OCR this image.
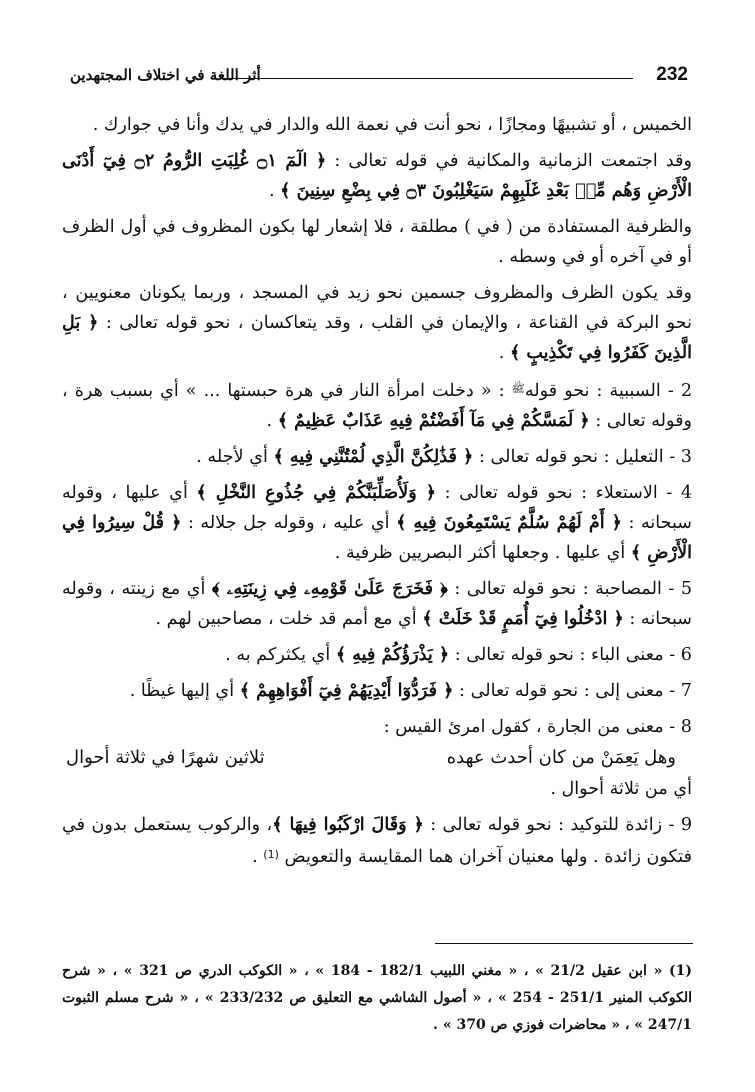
232
أثر اللغة في اختلاف المجتهدين

الخميس ، أو تشبيهًا ومجازًا ، نحو أنت في نعمة الله والدار في يدك وأنا في جوارك .

وقد اجتمعت الزمانية والمكانية في قوله تعالى : ﴿ الٓمٓ ۝١ غُلِبَتِ الرُّومُ ۝٢ فِيٓ أَدْنَى الْأَرْضِ وَهُم مِّنۢ بَعْدِ غَلَبِهِمْ سَيَغْلِبُونَ ۝٣ فِي بِضْعِ سِنِينَ ﴾ .

والظرفية المستفادة من ( في ) مطلقة ، فلا إشعار لها بكون المظروف في أول الظرف أو في آخره أو في وسطه .

وقد يكون الظرف والمظروف جسمين نحو زيد في المسجد ، وربما يكونان معنويين ، نحو البركة في القناعة ، والإيمان في القلب ، وقد يتعاكسان ، نحو قوله تعالى : ﴿ بَلِ الَّذِينَ كَفَرُوا فِي تَكْذِيبٍ ﴾ .

2 - السببية : نحو قوله$^ﷺ$ : « دخلت امرأة النار في هرة حبستها ... » أي بسبب هرة ، وقوله تعالى : ﴿ لَمَسَّكُمْ فِي مَآ أَفَضْتُمْ فِيهِ عَذَابٌ عَظِيمٌ ﴾ .

3 - التعليل : نحو قوله تعالى : ﴿ فَذَٰلِكُنَّ الَّذِي لُمْتُنَّنِي فِيهِ ﴾ أي لأجله .

4 - الاستعلاء : نحو قوله تعالى : ﴿ وَلَأُصَلِّبَنَّكُمْ فِي جُذُوعِ النَّخْلِ ﴾ أي عليها ، وقوله سبحانه : ﴿ أَمْ لَهُمْ سُلَّمٌ يَسْتَمِعُونَ فِيهِ ﴾ أي عليه ، وقوله جل جلاله : ﴿ قُلْ سِيرُوا فِي الْأَرْضِ ﴾ أي عليها . وجعلها أكثر البصريين ظرفية .

5 - المصاحبة : نحو قوله تعالى : ﴿ فَخَرَجَ عَلَىٰ قَوْمِهِۦ فِي زِينَتِهِۦ ﴾ أي مع زينته ، وقوله سبحانه : ﴿ ادْخُلُوا فِيٓ أُمَمٍ قَدْ خَلَتْ ﴾ أي مع أمم قد خلت ، مصاحبين لهم .

6 - معنى الباء : نحو قوله تعالى : ﴿ يَذْرَؤُكُمْ فِيهِ ﴾ أي يكثركم به .

7 - معنى إلى : نحو قوله تعالى : ﴿ فَرَدُّوٓا أَيْدِيَهُمْ فِيٓ أَفْوَاهِهِمْ ﴾ أي إليها غيظًا .

8 - معنى من الجارة ، كقول امرئ القيس :

وهل يَعِمَنْ من كان أحدث عهده
ثلاثين شهرًا في ثلاثة أحوال

أي من ثلاثة أحوال .

9 - زائدة للتوكيد : نحو قوله تعالى : ﴿ وَقَالَ ارْكَبُوا فِيهَا ﴾، والركوب يستعمل بدون في فتكون زائدة . ولها معنيان آخران هما المقايسة والتعويض $^{(1)}$ .

(1) « ابن عقيل 21/2 » ، « مغني اللبيب 182/1 - 184 » ، « الكوكب الدري ص 321 » ، « شرح الكوكب المنير 251/1 - 254 » ، « أصول الشاشي مع التعليق ص 233/232 » ، « شرح مسلم الثبوت 247/1 » ، « محاضرات فوزي ص 370 » .
